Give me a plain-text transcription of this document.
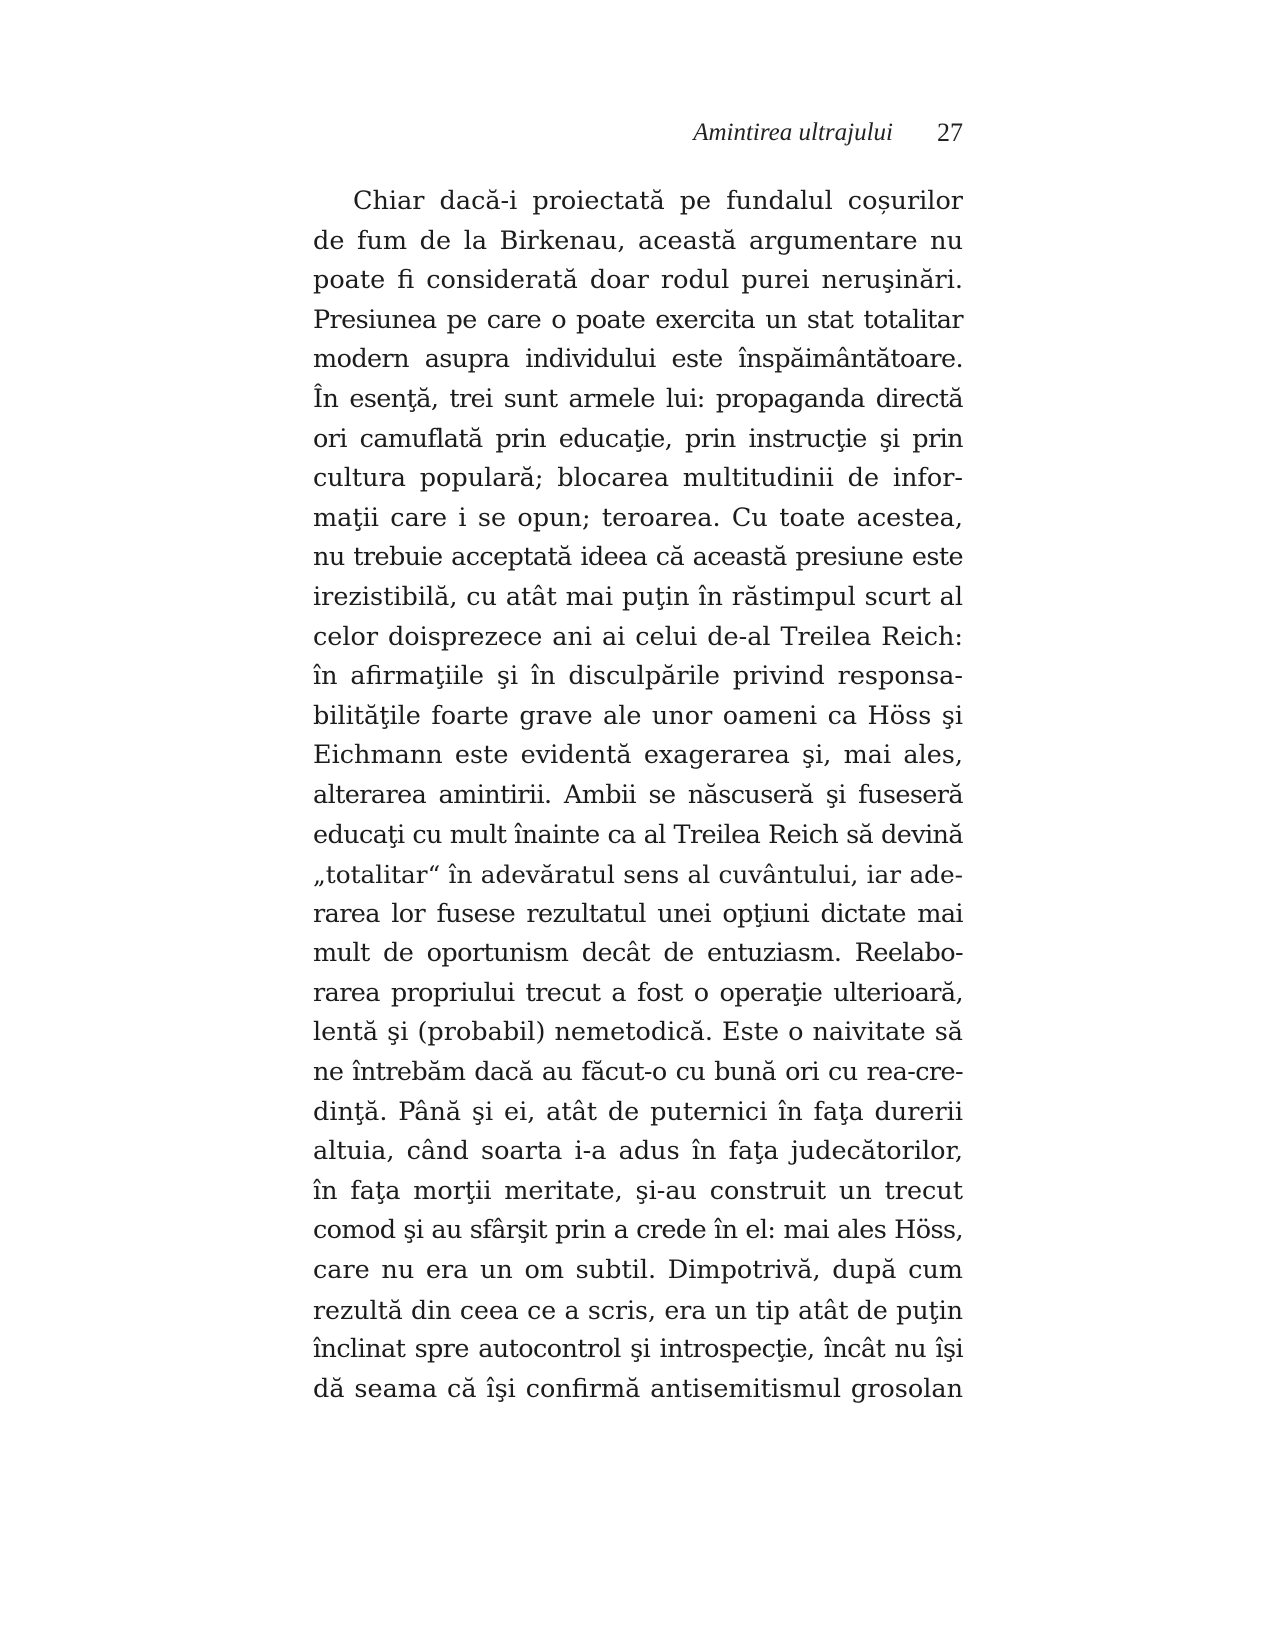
Amintirea ultrajului 27
Chiar dacă-i proiectată pe fundalul coșurilor
de fum de la Birkenau, această argumentare nu
poate fi considerată doar rodul purei neruşinări.
Presiunea pe care o poate exercita un stat totalitar
modern asupra individului este înspăimântătoare.
În esenţă, trei sunt armele lui: propaganda directă
ori camuflată prin educaţie, prin instrucţie şi prin
cultura populară; blocarea multitudinii de infor-
maţii care i se opun; teroarea. Cu toate acestea,
nu trebuie acceptată ideea că această presiune este
irezistibilă, cu atât mai puţin în răstimpul scurt al
celor doisprezece ani ai celui de-al Treilea Reich:
în afirmaţiile şi în disculpările privind responsa-
bilităţile foarte grave ale unor oameni ca Höss şi
Eichmann este evidentă exagerarea şi, mai ales,
alterarea amintirii. Ambii se născuseră şi fuseseră
educaţi cu mult înainte ca al Treilea Reich să devină
„totalitar“ în adevăratul sens al cuvântului, iar ade-
rarea lor fusese rezultatul unei opţiuni dictate mai
mult de oportunism decât de entuziasm. Reelabo-
rarea propriului trecut a fost o operaţie ulterioară,
lentă şi (probabil) nemetodică. Este o naivitate să
ne întrebăm dacă au făcut-o cu bună ori cu rea-cre-
dinţă. Până şi ei, atât de puternici în faţa durerii
altuia, când soarta i-a adus în faţa judecătorilor,
în faţa morţii meritate, şi-au construit un trecut
comod şi au sfârşit prin a crede în el: mai ales Höss,
care nu era un om subtil. Dimpotrivă, după cum
rezultă din ceea ce a scris, era un tip atât de puţin
înclinat spre autocontrol şi introspecţie, încât nu îşi
dă seama că îşi confirmă antisemitismul grosolan
